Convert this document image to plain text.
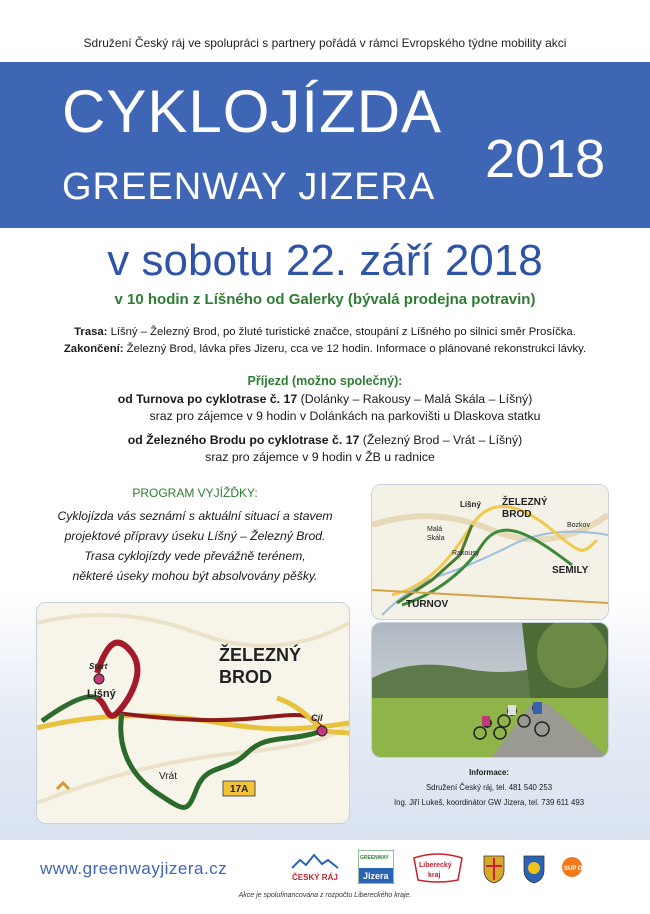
Sdružení Český ráj ve spolupráci s partnery pořádá v rámci Evropského týdne mobility akci
CYKLOJÍZDA
GREENWAY JIZERA 2018
v sobotu 22. září 2018
v 10 hodin z Líšného od Galerky (bývalá prodejna potravin)
Trasa: Líšný – Železný Brod, po žluté turistické značce, stoupání z Líšného po silnici směr Prosíčka.
Zakončení: Železný Brod, lávka přes Jizeru, cca ve 12 hodin. Informace o plánované rekonstrukci lávky.
Příjezd (možno společný):
od Turnova po cyklotrase č. 17 (Dolánky – Rakousy – Malá Skála – Líšný)
sraz pro zájemce v 9 hodin v Dolánkách na parkovišti u Dlaskova statku
od Železného Brodu po cyklotrase č. 17 (Železný Brod – Vrát – Líšný)
sraz pro zájemce v 9 hodin v ŽB u radnice
PROGRAM VYJÍŽĎKY:
Cyklojízda vás seznámí s aktuální situací a stavem
projektové přípravy úseku Líšný – Železný Brod.
Trasa cyklojízdy vede převážně terénem,
některé úseky mohou být absolvovány pěšky.
Líšný ŽELEZNÝ
BROD
Malá
Skála
Rakousy
Bozkov
SEMILY
TURNOV
Start
Líšný
ŽELEZNÝ
BROD
Cíl
Vrát
17A
Informace:
Sdružení Český ráj, tel. 481 540 253
Ing. Jiří Lukeš, koordinátor GW Jizera, tel. 739 611 493
www.greenwayjizera.cz	ČESKÝ RÁJ
GREENWAY
Jizera
Liberecký
kraj
SUP DISK
Akce je spolufinancována z rozpočtu Libereckého kraje.
